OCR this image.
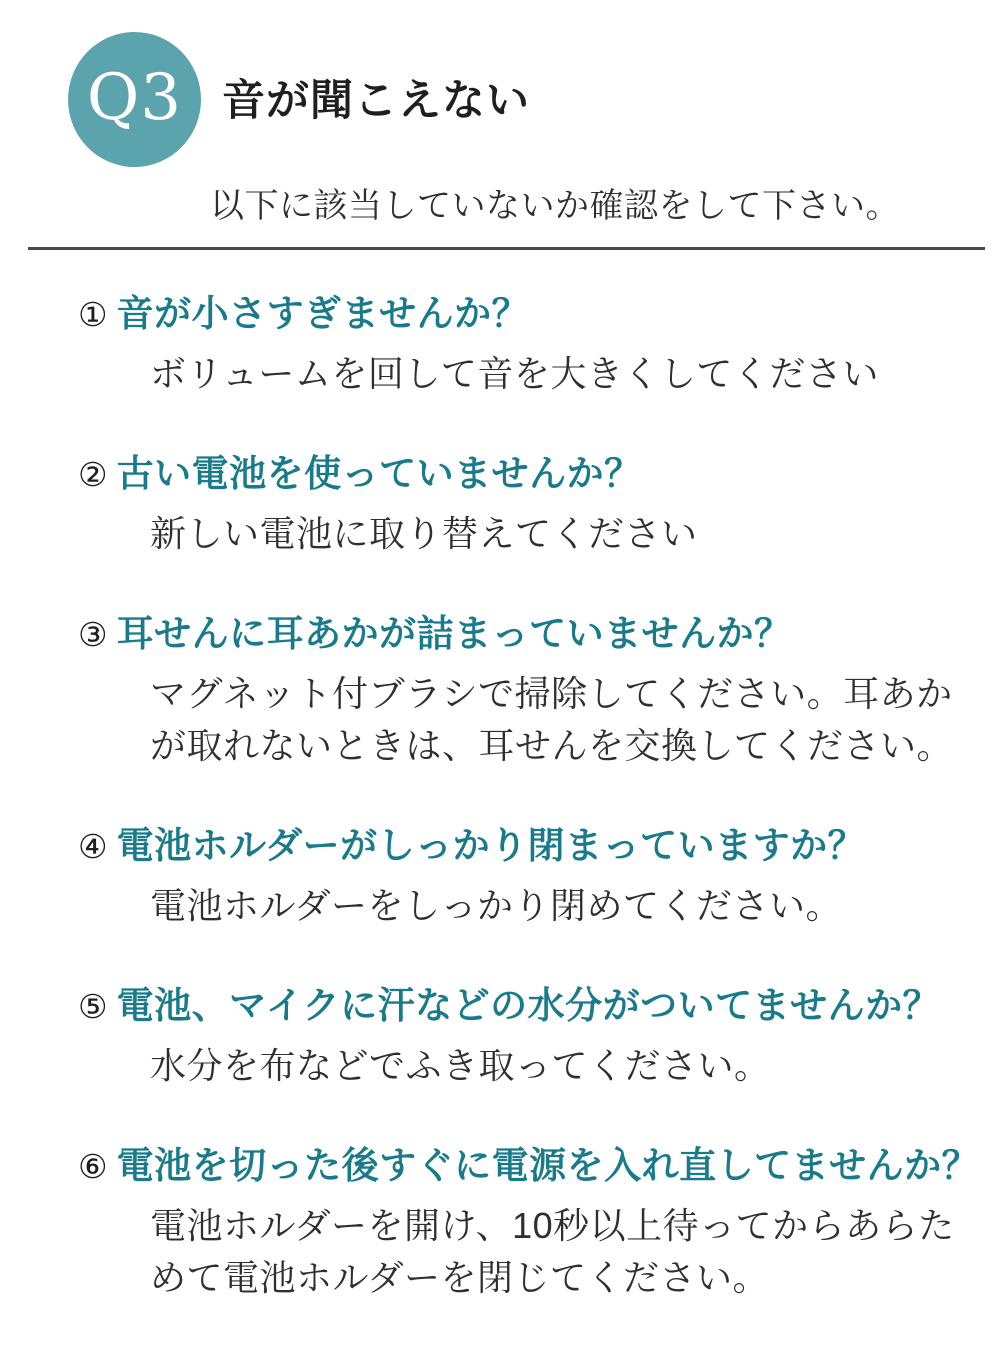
Q3 音が聞こえない
以下に該当していないか確認をして下さい。
① 音が小さすぎませんか？
ボリュームを回して音を大きくしてください
② 古い電池を使っていませんか？
新しい電池に取り替えてください
③ 耳せんに耳あかが詰まっていませんか？
マグネット付ブラシで掃除してください。耳あか
が取れないときは、耳せんを交換してください。
④ 電池ホルダーがしっかり閉まっていますか？
電池ホルダーをしっかり閉めてください。
⑤ 電池、マイクに汗などの水分がついてませんか？
水分を布などでふき取ってください。
⑥ 電池を切った後すぐに電源を入れ直してませんか？
電池ホルダーを開け、10秒以上待ってからあらた
めて電池ホルダーを閉じてください。
